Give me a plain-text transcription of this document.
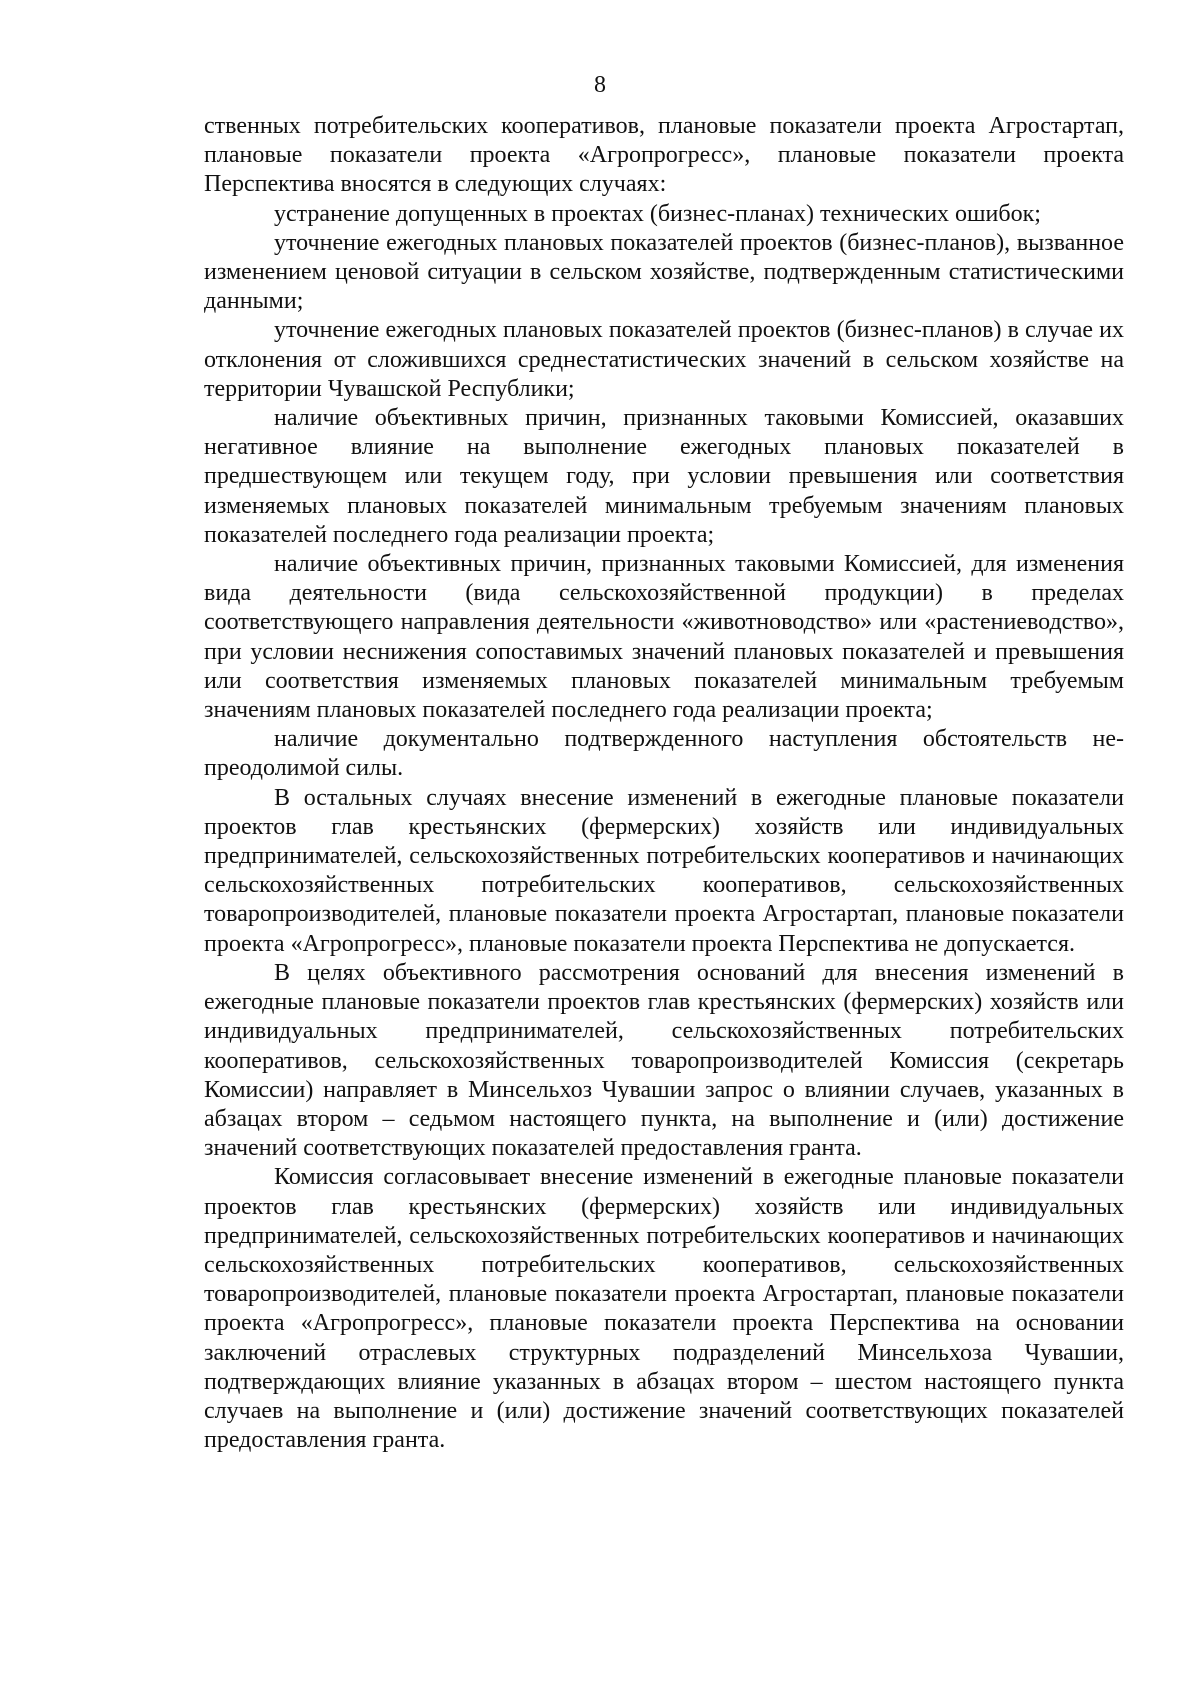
8

ственных потребительских кооперативов, плановые показатели проекта Агростартап, плановые показатели проекта «Агропрогресс», плановые показатели проекта Перспектива вносятся в следующих случаях:

устранение допущенных в проектах (бизнес-планах) технических ошибок;

уточнение ежегодных плановых показателей проектов (бизнес-планов), вызванное изменением ценовой ситуации в сельском хозяйстве, подтвержденным статистическими данными;

уточнение ежегодных плановых показателей проектов (бизнес-планов) в случае их отклонения от сложившихся среднестатистических значений в сельском хозяйстве на территории Чувашской Республики;

наличие объективных причин, признанных таковыми Комиссией, оказавших негативное влияние на выполнение ежегодных плановых показателей в предшествующем или текущем году, при условии превышения или соответствия изменяемых плановых показателей минимальным требуемым значениям плановых показателей последнего года реализации проекта;

наличие объективных причин, признанных таковыми Комиссией, для изменения вида деятельности (вида сельскохозяйственной продукции) в пределах соответствующего направления деятельности «животноводство» или «растениеводство», при условии неснижения сопоставимых значений плановых показателей и превышения или соответствия изменяемых плановых показателей минимальным требуемым значениям плановых показателей последнего года реализации проекта;

наличие документально подтвержденного наступления обстоятельств непреодолимой силы.

В остальных случаях внесение изменений в ежегодные плановые показатели проектов глав крестьянских (фермерских) хозяйств или индивидуальных предпринимателей, сельскохозяйственных потребительских кооперативов и начинающих сельскохозяйственных потребительских кооперативов, сельскохозяйственных товаропроизводителей, плановые показатели проекта Агростартап, плановые показатели проекта «Агропрогресс», плановые показатели проекта Перспектива не допускается.

В целях объективного рассмотрения оснований для внесения изменений в ежегодные плановые показатели проектов глав крестьянских (фермерских) хозяйств или индивидуальных предпринимателей, сельскохозяйственных потребительских кооперативов, сельскохозяйственных товаропроизводителей Комиссия (секретарь Комиссии) направляет в Минсельхоз Чувашии запрос о влиянии случаев, указанных в абзацах втором – седьмом настоящего пункта, на выполнение и (или) достижение значений соответствующих показателей предоставления гранта.

Комиссия согласовывает внесение изменений в ежегодные плановые показатели проектов глав крестьянских (фермерских) хозяйств или индивидуальных предпринимателей, сельскохозяйственных потребительских кооперативов и начинающих сельскохозяйственных потребительских кооперативов, сельскохозяйственных товаропроизводителей, плановые показатели проекта Агростартап, плановые показатели проекта «Агропрогресс», плановые показатели проекта Перспектива на основании заключений отраслевых структурных подразделений Минсельхоза Чувашии, подтверждающих влияние указанных в абзацах втором – шестом настоящего пункта случаев на выполнение и (или) достижение значений соответствующих показателей предоставления гранта.
